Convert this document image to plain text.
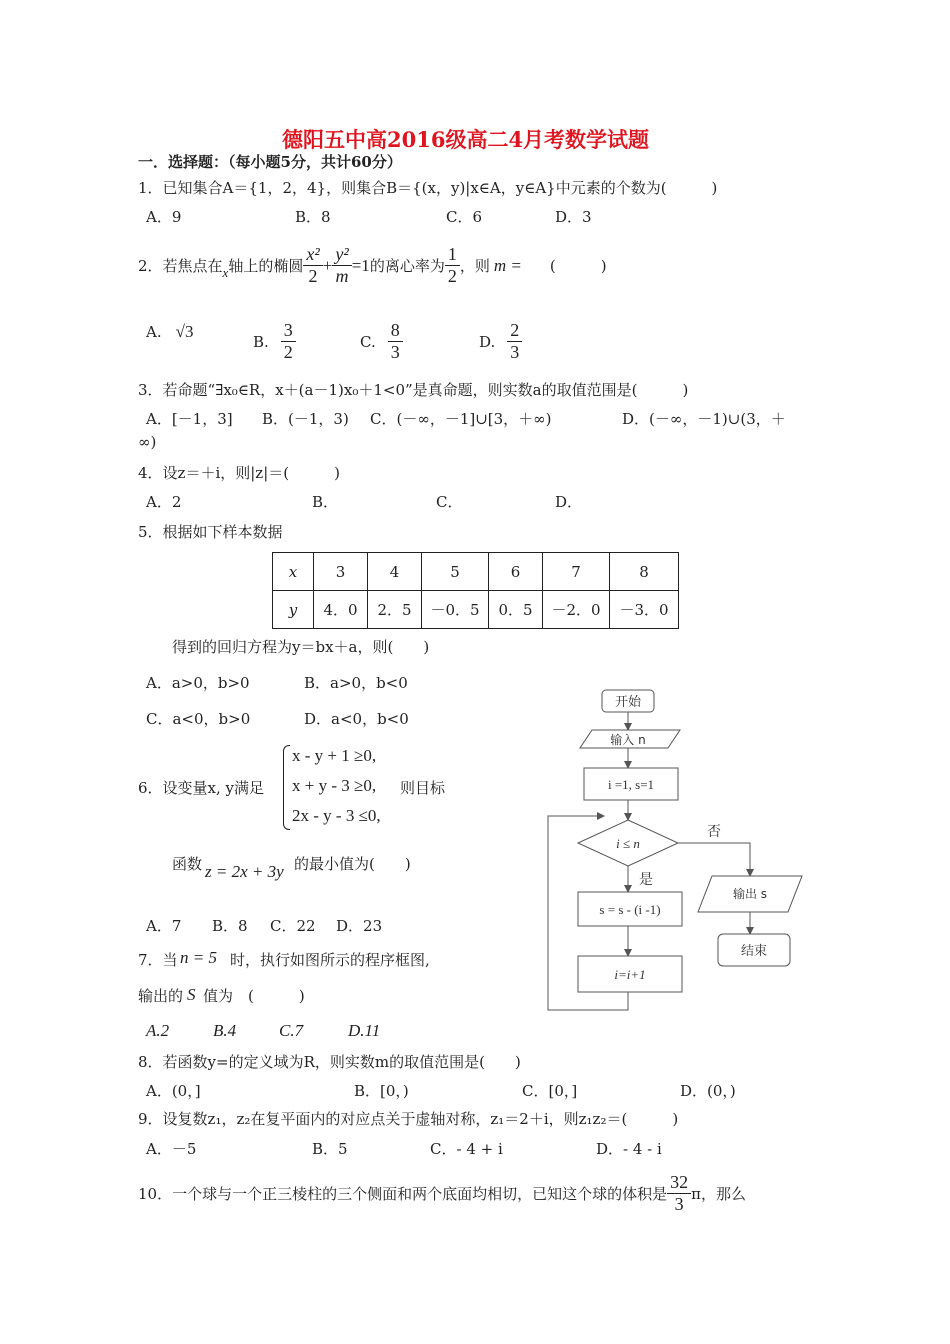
德阳五中高2016级高二4月考数学试题
一．选择题：（每小题5分，共计60分）
1．已知集合A＝{1，2，4}，则集合B＝{(x，y)|x∈A，y∈A}中元素的个数为(　　　)
A．9	B．8	C．6	D．3
2．若焦点在 x 轴上的椭圆 $\frac{\text{x²}}{2} + \frac{\text{y²}}{m} =1$ 的离心率为 $\frac{1}{2}$ ，则 m = (　　　)
A. √3
B. $\frac{3}{2}$	C. $\frac{8}{3}$	D. $\frac{2}{3}$
3．若命题“∃x₀∈R，x＋(a－1)x₀＋1<0”是真命题，则实数a的取值范围是(　　　)
A．[－1，3] B．(－1，3) C．(－∞，－1]∪[3，＋∞)	D．(－∞，－1)∪(3，＋
∞)
4．设z＝＋i，则|z|＝(　　　)
A．2	B．	C．	D．
5．根据如下样本数据
x	3	4	5	6	7	8
y	4．0	2．5	－0．5	0．5	－2．0	－3．0
得到的回归方程为y＝bx＋a，则(　　)
A．a>0，b>0	B．a>0，b<0
C．a<0，b>0	D．a<0，b<0
6．设变量x, y满足
x - y + 1 ≥0,
x + y - 3 ≥0,
2x - y - 3 ≤0,
则目标
函数 z = 2x + 3y 的最小值为(　　)
A．7 B．8 C．22 D．23
7．当 n = 5 时，执行如图所示的程序框图,
输出的 S 值为　(　　　)
A.2	B.4	C.7	D.11
开始
输入 n
i =1, s=1
i ≤ n
否
是
s = s - (i -1)
i=i+1
输出 s
结束
8．若函数y=的定义域为R，则实数m的取值范围是(　　)
A．(0，]	B．[0，)	C．[0，]	D．(0，)
9．设复数z₁，z₂在复平面内的对应点关于虚轴对称，z₁＝2＋i，则z₁z₂＝(　　　)
A．－5	B．5	C．- 4 + i	D．- 4 - i
10．一个球与一个正三棱柱的三个侧面和两个底面均相切，已知这个球的体积是 $\frac{32}{3}$ π，那么
